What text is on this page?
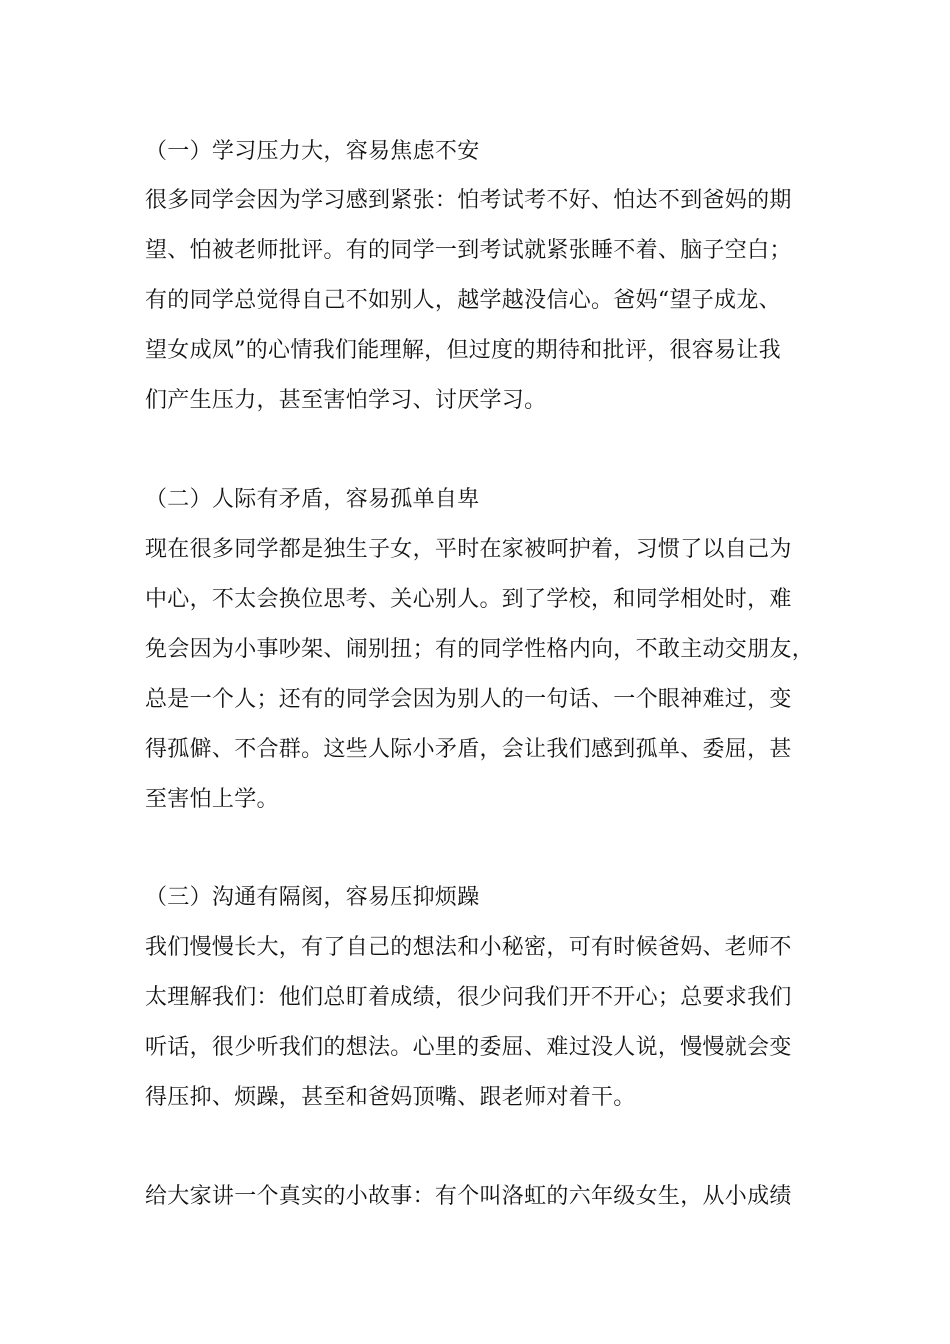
（一）学习压力大，容易焦虑不安
很多同学会因为学习感到紧张：怕考试考不好、怕达不到爸妈的期
望、怕被老师批评。有的同学一到考试就紧张睡不着、脑子空白；
有的同学总觉得自己不如别人，越学越没信心。爸妈“望子成龙、
望女成凤”的心情我们能理解，但过度的期待和批评，很容易让我
们产生压力，甚至害怕学习、讨厌学习。
（二）人际有矛盾，容易孤单自卑
现在很多同学都是独生子女，平时在家被呵护着，习惯了以自己为
中心，不太会换位思考、关心别人。到了学校，和同学相处时，难
免会因为小事吵架、闹别扭；有的同学性格内向，不敢主动交朋友，
总是一个人；还有的同学会因为别人的一句话、一个眼神难过，变
得孤僻、不合群。这些人际小矛盾，会让我们感到孤单、委屈，甚
至害怕上学。
（三）沟通有隔阂，容易压抑烦躁
我们慢慢长大，有了自己的想法和小秘密，可有时候爸妈、老师不
太理解我们：他们总盯着成绩，很少问我们开不开心；总要求我们
听话，很少听我们的想法。心里的委屈、难过没人说，慢慢就会变
得压抑、烦躁，甚至和爸妈顶嘴、跟老师对着干。
给大家讲一个真实的小故事：有个叫洛虹的六年级女生，从小成绩
